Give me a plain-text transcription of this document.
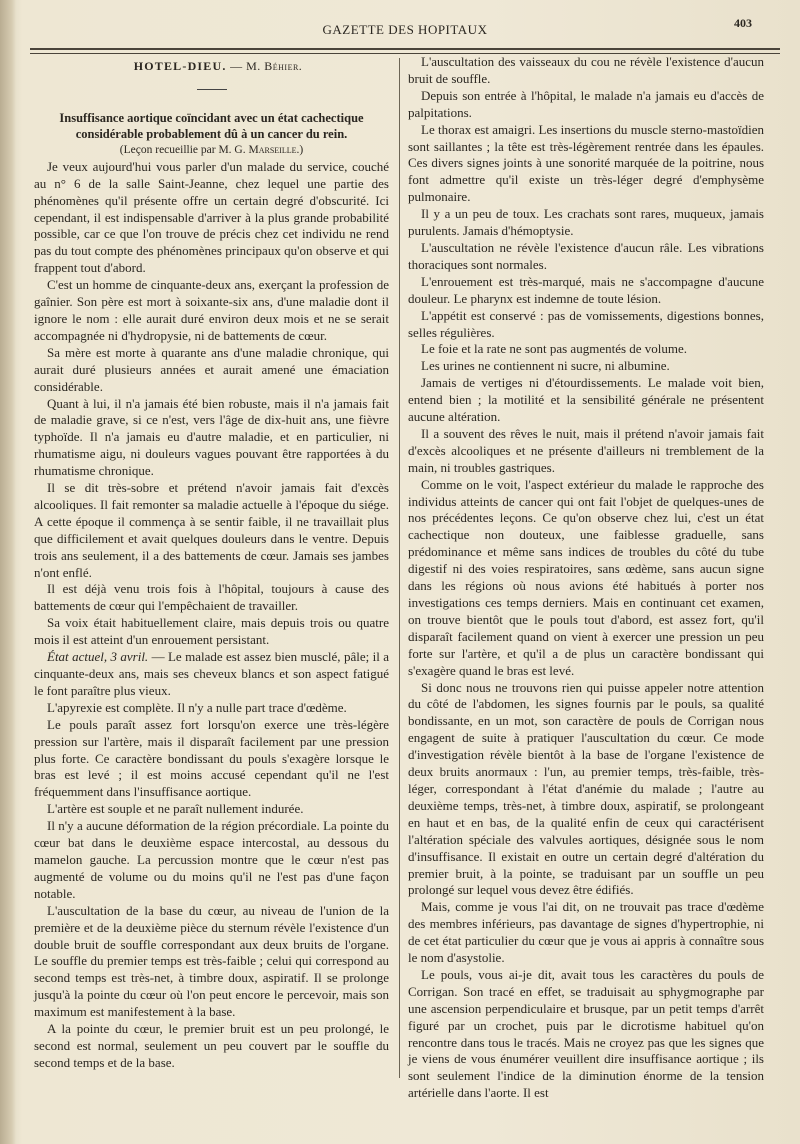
GAZETTE DES HOPITAUX	403

HOTEL-DIEU. — M. Béhier.

Insuffisance aortique coïncidant avec un état cachectique considérable probablement dû à un cancer du rein.

(Leçon recueillie par M. G. Marseille.)

Je veux aujourd'hui vous parler d'un malade du service, couché au n° 6 de la salle Saint-Jeanne, chez lequel une partie des phénomènes qu'il présente offre un certain degré d'obscurité. Ici cependant, il est indispensable d'arriver à la plus grande probabilité possible, car ce que l'on trouve de précis chez cet individu ne rend pas du tout compte des phénomènes principaux qu'on observe et qui frappent tout d'abord.

C'est un homme de cinquante-deux ans, exerçant la profession de gaînier. Son père est mort à soixante-six ans, d'une maladie dont il ignore le nom : elle aurait duré environ deux mois et ne se serait accompagnée ni d'hydropysie, ni de battements de cœur.

Sa mère est morte à quarante ans d'une maladie chronique, qui aurait duré plusieurs années et aurait amené une émaciation considérable.

Quant à lui, il n'a jamais été bien robuste, mais il n'a jamais fait de maladie grave, si ce n'est, vers l'âge de dix-huit ans, une fièvre typhoïde. Il n'a jamais eu d'autre maladie, et en particulier, ni rhumatisme aigu, ni douleurs vagues pouvant être rapportées à du rhumatisme chronique.

Il se dit très-sobre et prétend n'avoir jamais fait d'excès alcooliques. Il fait remonter sa maladie actuelle à l'époque du siége. A cette époque il commença à se sentir faible, il ne travaillait plus que difficilement et avait quelques douleurs dans le ventre. Depuis trois ans seulement, il a des battements de cœur. Jamais ses jambes n'ont enflé.

Il est déjà venu trois fois à l'hôpital, toujours à cause des battements de cœur qui l'empêchaient de travailler.

Sa voix était habituellement claire, mais depuis trois ou quatre mois il est atteint d'un enrouement persistant.

État actuel, 3 avril. — Le malade est assez bien musclé, pâle; il a cinquante-deux ans, mais ses cheveux blancs et son aspect fatigué le font paraître plus vieux.

L'apyrexie est complète. Il n'y a nulle part trace d'œdème.

Le pouls paraît assez fort lorsqu'on exerce une très-légère pression sur l'artère, mais il disparaît facilement par une pression plus forte. Ce caractère bondissant du pouls s'exagère lorsque le bras est levé ; il est moins accusé cependant qu'il ne l'est fréquemment dans l'insuffisance aortique.

L'artère est souple et ne paraît nullement indurée.

Il n'y a aucune déformation de la région précordiale. La pointe du cœur bat dans le deuxième espace intercostal, au dessous du mamelon gauche. La percussion montre que le cœur n'est pas augmenté de volume ou du moins qu'il ne l'est pas d'une façon notable.

L'auscultation de la base du cœur, au niveau de l'union de la première et de la deuxième pièce du sternum révèle l'existence d'un double bruit de souffle correspondant aux deux bruits de l'organe. Le souffle du premier temps est très-faible ; celui qui correspond au second temps est très-net, à timbre doux, aspiratif. Il se prolonge jusqu'à la pointe du cœur où l'on peut encore le percevoir, mais son maximum est manifestement à la base.

A la pointe du cœur, le premier bruit est un peu prolongé, le second est normal, seulement un peu couvert par le souffle du second temps et de la base.

L'auscultation des vaisseaux du cou ne révèle l'existence d'aucun bruit de souffle.

Depuis son entrée à l'hôpital, le malade n'a jamais eu d'accès de palpitations.

Le thorax est amaigri. Les insertions du muscle sterno-mastoïdien sont saillantes ; la tête est très-légèrement rentrée dans les épaules. Ces divers signes joints à une sonorité marquée de la poitrine, nous font admettre qu'il existe un très-léger degré d'emphysème pulmonaire.

Il y a un peu de toux. Les crachats sont rares, muqueux, jamais purulents. Jamais d'hémoptysie.

L'auscultation ne révèle l'existence d'aucun râle. Les vibrations thoraciques sont normales.

L'enrouement est très-marqué, mais ne s'accompagne d'aucune douleur. Le pharynx est indemne de toute lésion.

L'appétit est conservé : pas de vomissements, digestions bonnes, selles régulières.

Le foie et la rate ne sont pas augmentés de volume.

Les urines ne contiennent ni sucre, ni albumine.

Jamais de vertiges ni d'étourdissements. Le malade voit bien, entend bien ; la motilité et la sensibilité générale ne présentent aucune altération.

Il a souvent des rêves le nuit, mais il prétend n'avoir jamais fait d'excès alcooliques et ne présente d'ailleurs ni tremblement de la main, ni troubles gastriques.

Comme on le voit, l'aspect extérieur du malade le rapproche des individus atteints de cancer qui ont fait l'objet de quelques-unes de nos précédentes leçons. Ce qu'on observe chez lui, c'est un état cachectique non douteux, une faiblesse graduelle, sans prédominance et même sans indices de troubles du côté du tube digestif ni des voies respiratoires, sans œdème, sans aucun signe dans les régions où nous avions été habitués à porter nos investigations ces temps derniers. Mais en continuant cet examen, on trouve bientôt que le pouls tout d'abord, est assez fort, qu'il disparaît facilement quand on vient à exercer une pression un peu forte sur l'artère, et qu'il a de plus un caractère bondissant qui s'exagère quand le bras est levé.

Si donc nous ne trouvons rien qui puisse appeler notre attention du côté de l'abdomen, les signes fournis par le pouls, sa qualité bondissante, en un mot, son caractère de pouls de Corrigan nous engagent de suite à pratiquer l'auscultation du cœur. Ce mode d'investigation révèle bientôt à la base de l'organe l'existence de deux bruits anormaux : l'un, au premier temps, très-faible, très-léger, correspondant à l'état d'anémie du malade ; l'autre au deuxième temps, très-net, à timbre doux, aspiratif, se prolongeant en haut et en bas, de la qualité enfin de ceux qui caractérisent l'altération spéciale des valvules aortiques, désignée sous le nom d'insuffisance. Il existait en outre un certain degré d'altération du premier bruit, à la pointe, se traduisant par un souffle un peu prolongé sur lequel vous devez être édifiés.

Mais, comme je vous l'ai dit, on ne trouvait pas trace d'œdème des membres inférieurs, pas davantage de signes d'hypertrophie, ni de cet état particulier du cœur que je vous ai appris à connaître sous le nom d'asystolie.

Le pouls, vous ai-je dit, avait tous les caractères du pouls de Corrigan. Son tracé en effet, se traduisait au sphygmographe par une ascension perpendiculaire et brusque, par un petit temps d'arrêt figuré par un crochet, puis par le dicrotisme habituel qu'on rencontre dans tous le tracés. Mais ne croyez pas que les signes que je viens de vous énumérer veuillent dire insuffisance aortique ; ils sont seulement l'indice de la diminution énorme de la tension artérielle dans l'aorte. Il est
